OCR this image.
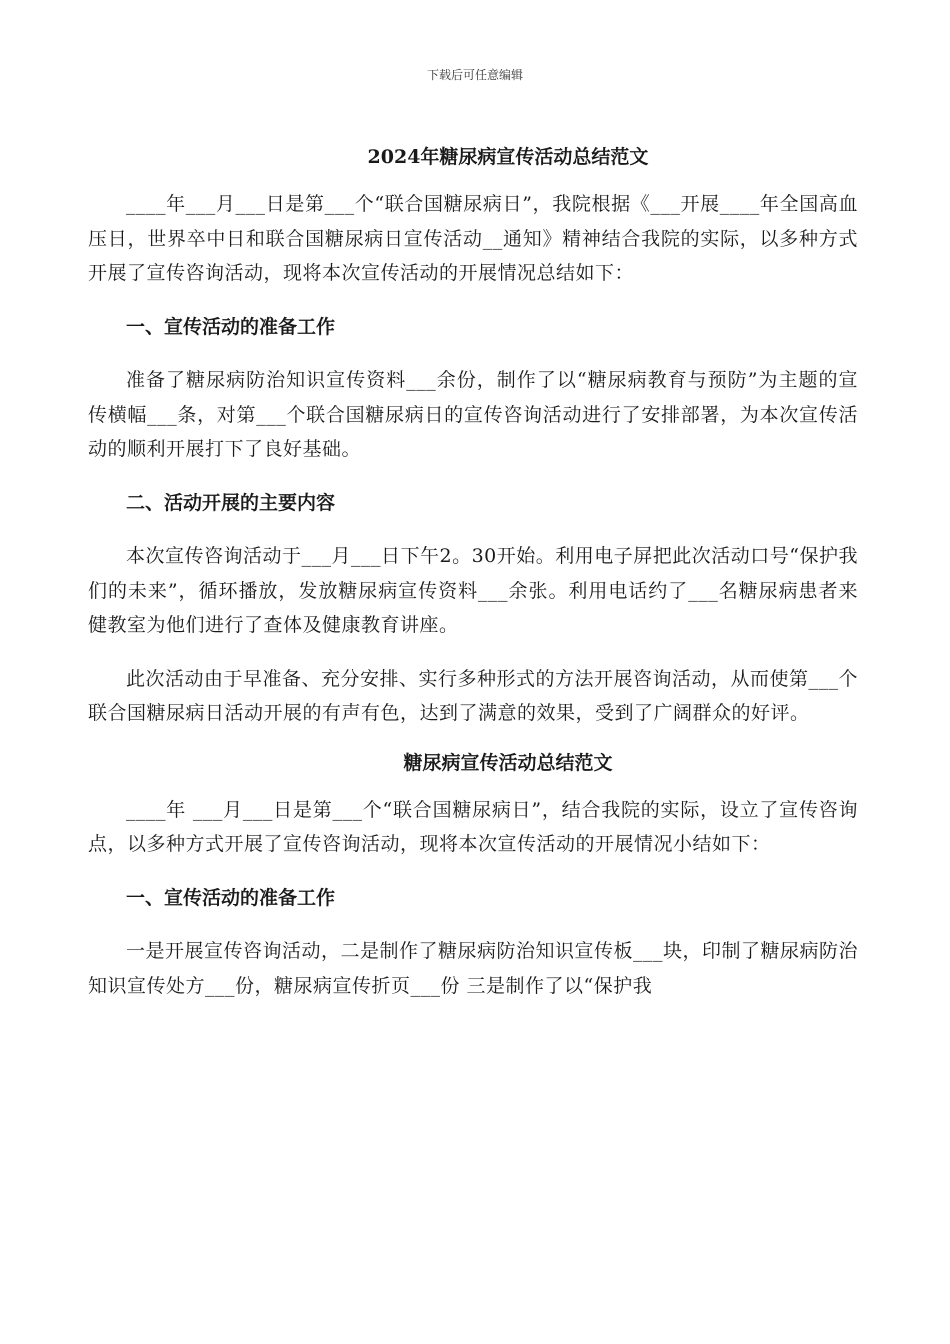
下载后可任意编辑
2024年糖尿病宣传活动总结范文

____年___月___日是第___个“联合国糖尿病日”，我院根据《___开展____年全国高血压日，世界卒中日和联合国糖尿病日宣传活动__通知》精神结合我院的实际，以多种方式开展了宣传咨询活动，现将本次宣传活动的开展情况总结如下：

一、宣传活动的准备工作

准备了糖尿病防治知识宣传资料___余份，制作了以“糖尿病教育与预防”为主题的宣传横幅___条，对第___个联合国糖尿病日的宣传咨询活动进行了安排部署，为本次宣传活动的顺利开展打下了良好基础。

二、活动开展的主要内容

本次宣传咨询活动于___月___日下午2。30开始。利用电子屏把此次活动口号“保护我们的未来”，循环播放，发放糖尿病宣传资料___余张。利用电话约了___名糖尿病患者来健教室为他们进行了查体及健康教育讲座。

此次活动由于早准备、充分安排、实行多种形式的方法开展咨询活动，从而使第___个联合国糖尿病日活动开展的有声有色，达到了满意的效果，受到了广阔群众的好评。

糖尿病宣传活动总结范文

____年 ___月___日是第___个“联合国糖尿病日”，结合我院的实际，设立了宣传咨询点，以多种方式开展了宣传咨询活动，现将本次宣传活动的开展情况小结如下：

一、宣传活动的准备工作

一是开展宣传咨询活动，二是制作了糖尿病防治知识宣传板___块，印制了糖尿病防治知识宣传处方___份，糖尿病宣传折页___份 三是制作了以“保护我
